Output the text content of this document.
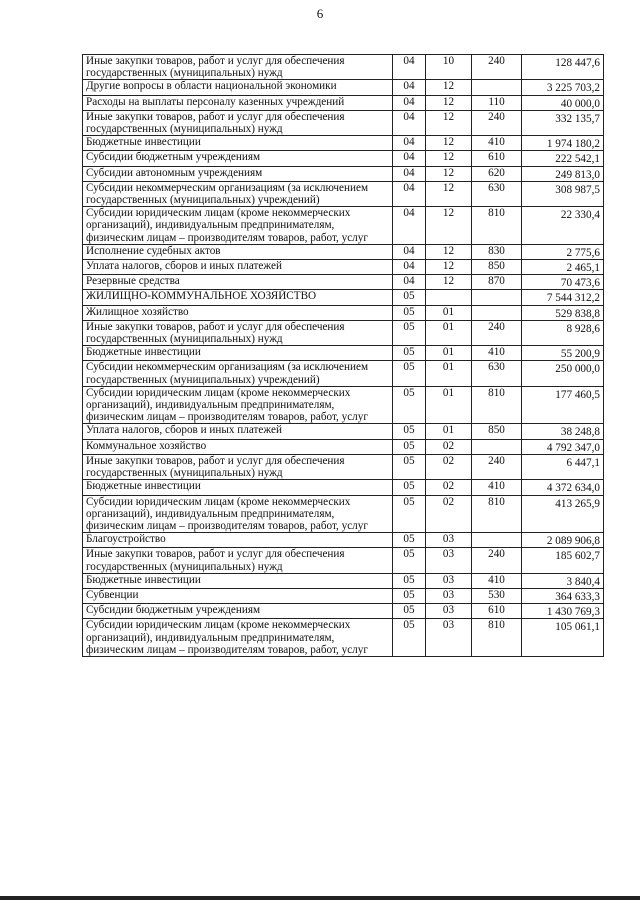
6
Иные закупки товаров, работ и услуг для обеспечения государственных (муниципальных) нужд	04	10	240	128 447,6
Другие вопросы в области национальной экономики	04	12		3 225 703,2
Расходы на выплаты персоналу казенных учреждений	04	12	110	40 000,0
Иные закупки товаров, работ и услуг для обеспечения государственных (муниципальных) нужд	04	12	240	332 135,7
Бюджетные инвестиции	04	12	410	1 974 180,2
Субсидии бюджетным учреждениям	04	12	610	222 542,1
Субсидии автономным учреждениям	04	12	620	249 813,0
Субсидии некоммерческим организациям (за исключением государственных (муниципальных) учреждений)	04	12	630	308 987,5
Субсидии юридическим лицам (кроме некоммерческих организаций), индивидуальным предпринимателям, физическим лицам – производителям товаров, работ, услуг	04	12	810	22 330,4
Исполнение судебных актов	04	12	830	2 775,6
Уплата налогов, сборов и иных платежей	04	12	850	2 465,1
Резервные средства	04	12	870	70 473,6
ЖИЛИЩНО-КОММУНАЛЬНОЕ ХОЗЯЙСТВО	05			7 544 312,2
Жилищное хозяйство	05	01		529 838,8
Иные закупки товаров, работ и услуг для обеспечения государственных (муниципальных) нужд	05	01	240	8 928,6
Бюджетные инвестиции	05	01	410	55 200,9
Субсидии некоммерческим организациям (за исключением государственных (муниципальных) учреждений)	05	01	630	250 000,0
Субсидии юридическим лицам (кроме некоммерческих организаций), индивидуальным предпринимателям, физическим лицам – производителям товаров, работ, услуг	05	01	810	177 460,5
Уплата налогов, сборов и иных платежей	05	01	850	38 248,8
Коммунальное хозяйство	05	02		4 792 347,0
Иные закупки товаров, работ и услуг для обеспечения государственных (муниципальных) нужд	05	02	240	6 447,1
Бюджетные инвестиции	05	02	410	4 372 634,0
Субсидии юридическим лицам (кроме некоммерческих организаций), индивидуальным предпринимателям, физическим лицам – производителям товаров, работ, услуг	05	02	810	413 265,9
Благоустройство	05	03		2 089 906,8
Иные закупки товаров, работ и услуг для обеспечения государственных (муниципальных) нужд	05	03	240	185 602,7
Бюджетные инвестиции	05	03	410	3 840,4
Субвенции	05	03	530	364 633,3
Субсидии бюджетным учреждениям	05	03	610	1 430 769,3
Субсидии юридическим лицам (кроме некоммерческих организаций), индивидуальным предпринимателям, физическим лицам – производителям товаров, работ, услуг	05	03	810	105 061,1
